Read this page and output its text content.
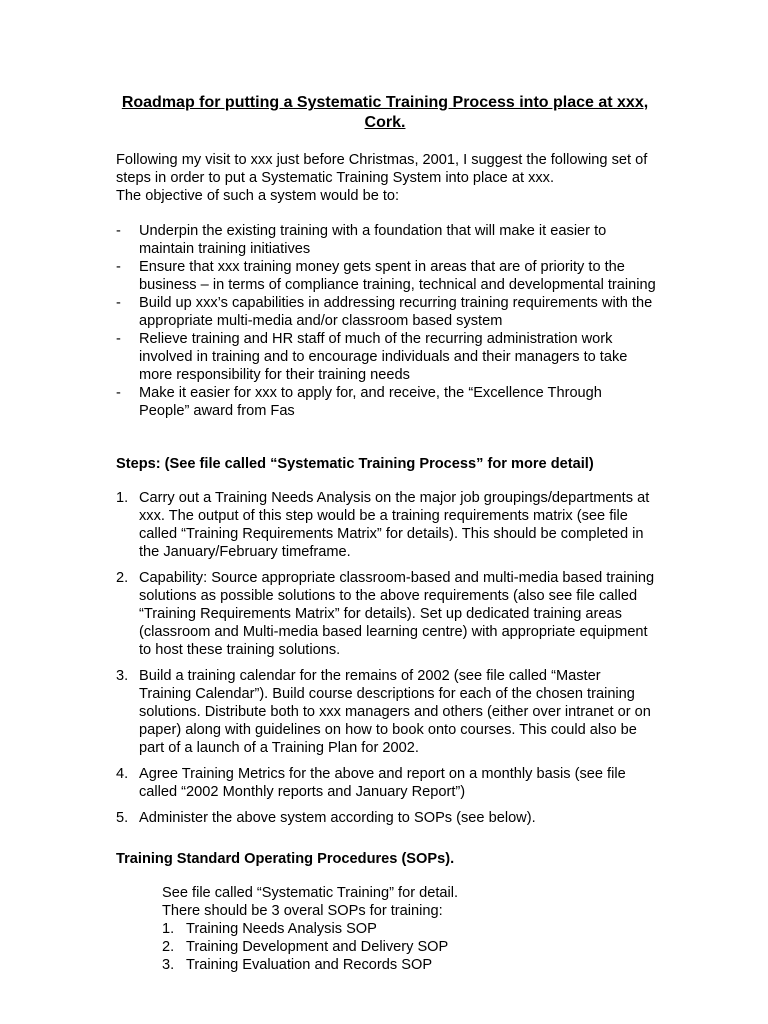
Roadmap for putting a Systematic Training Process into place at xxx, Cork.

Following my visit to xxx just before Christmas, 2001, I suggest the following set of steps in order to put a Systematic Training System into place at xxx.

The objective of such a system would be to:

- Underpin the existing training with a foundation that will make it easier to maintain training initiatives
- Ensure that xxx training money gets spent in areas that are of priority to the business – in terms of compliance training, technical and developmental training
- Build up xxx’s capabilities in addressing recurring training requirements with the appropriate multi-media and/or classroom based system
- Relieve training and HR staff of much of the recurring administration work involved in training and to encourage individuals and their managers to take more responsibility for their training needs
- Make it easier for xxx to apply for, and receive, the “Excellence Through People” award from Fas
Steps: (See file called “Systematic Training Process” for more detail)
1. Carry out a Training Needs Analysis on the major job groupings/departments at xxx. The output of this step would be a training requirements matrix (see file called “Training Requirements Matrix” for details). This should be completed in the January/February timeframe.
2. Capability: Source appropriate classroom-based and multi-media based training solutions as possible solutions to the above requirements (also see file called “Training Requirements Matrix” for details). Set up dedicated training areas (classroom and Multi-media based learning centre) with appropriate equipment to host these training solutions.
3. Build a training calendar for the remains of 2002 (see file called “Master Training Calendar”). Build course descriptions for each of the chosen training solutions. Distribute both to xxx managers and others (either over intranet or on paper) along with guidelines on how to book onto courses. This could also be part of a launch of a Training Plan for 2002.
4. Agree Training Metrics for the above and report on a monthly basis (see file called “2002 Monthly reports and January Report”)
5. Administer the above system according to SOPs (see below).
Training Standard Operating Procedures (SOPs).

See file called “Systematic Training” for detail.

There should be 3 overal SOPs for training:

1. Training Needs Analysis SOP
2. Training Development and Delivery SOP
3. Training Evaluation and Records SOP
